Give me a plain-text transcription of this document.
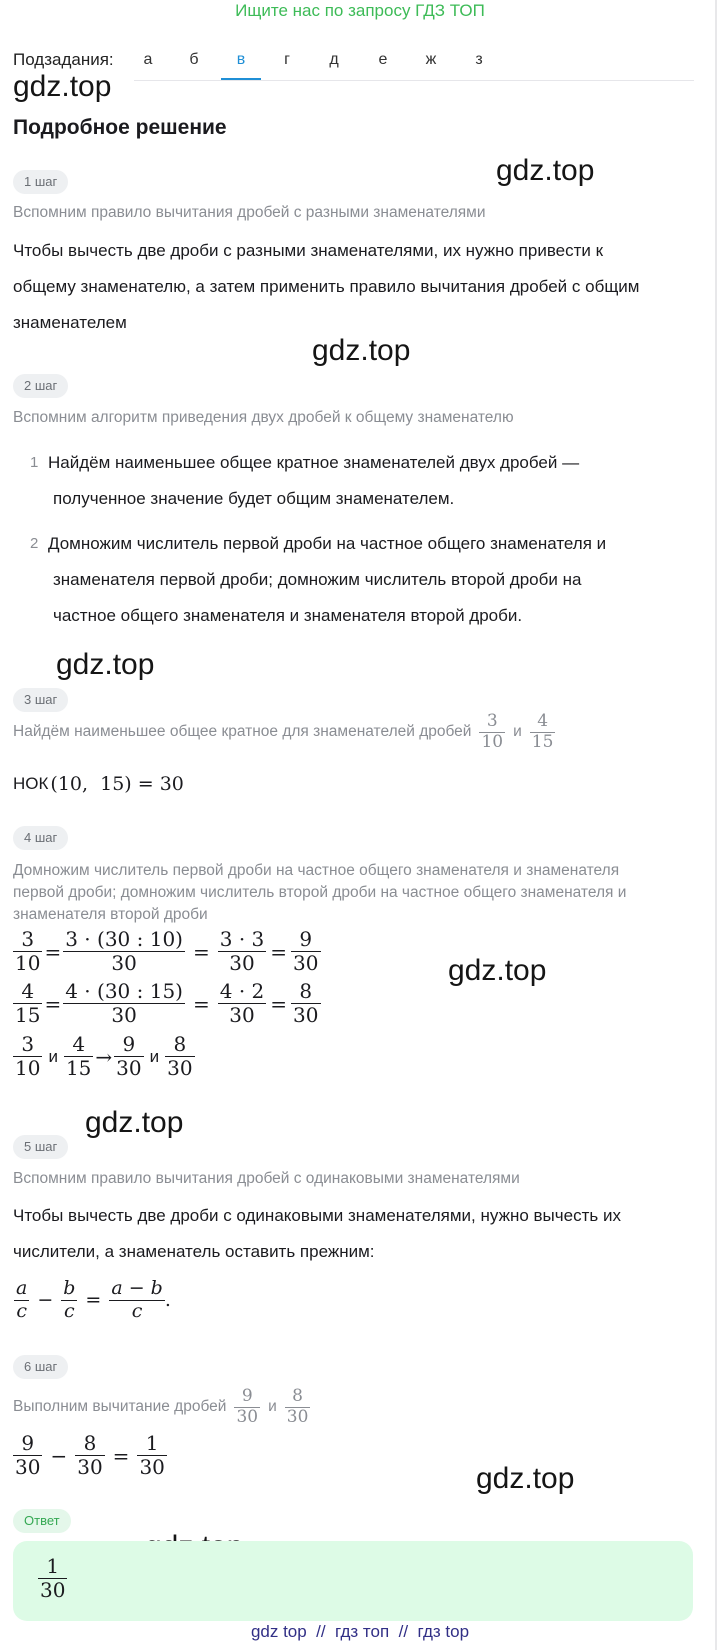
Ищите нас по запросу ГДЗ ТОП
Подзадания:	а	б	в	г	д	е	ж	з
gdz.top
gdz.top
gdz.top
gdz.top
gdz.top
gdz.top
gdz.top
Подробное решение
1 шаг
Вспомним правило вычитания дробей с разными знаменателями
Чтобы вычесть две дроби с разными знаменателями, их нужно привести к
общему знаменателю, а затем применить правило вычитания дробей с общим
знаменателем
2 шаг
Вспомним алгоритм приведения двух дробей к общему знаменателю
1 Найдём наименьшее общее кратное знаменателей двух дробей —
полученное значение будет общим знаменателем.
2 Домножим числитель первой дроби на частное общего знаменателя и
знаменателя первой дроби; домножим числитель второй дроби на
частное общего знаменателя и знаменателя второй дроби.
3 шаг
Найдём наименьшее общее кратное для знаменателей дробей $\frac{3}{10}$ и $\frac{4}{15}$
НОК (10,  15) = 30
4 шаг
Домножим числитель первой дроби на частное общего знаменателя и знаменателя
первой дроби; домножим числитель второй дроби на частное общего знаменателя и
знаменателя второй дроби
$\frac{3}{10} = \frac{3 \cdot (30 : 10)}{30} = \frac{3 \cdot 3}{30} = \frac{9}{30}$
$\frac{4}{15} = \frac{4 \cdot (30 : 15)}{30} = \frac{4 \cdot 2}{30} = \frac{8}{30}$
$\frac{3}{10}$ и $\frac{4}{15} \to \frac{9}{30}$ и $\frac{8}{30}$
5 шаг
Вспомним правило вычитания дробей с одинаковыми знаменателями
Чтобы вычесть две дроби с одинаковыми знаменателями, нужно вычесть их
числители, а знаменатель оставить прежним:
$\frac{a}{c} - \frac{b}{c} = \frac{a - b}{c}$ .
6 шаг
Выполним вычитание дробей $\frac{9}{30}$ и $\frac{8}{30}$
$\frac{9}{30} - \frac{8}{30} = \frac{1}{30}$
Ответ
$\frac{1}{30}$
gdz top  //  гдз топ  //  гдз top
